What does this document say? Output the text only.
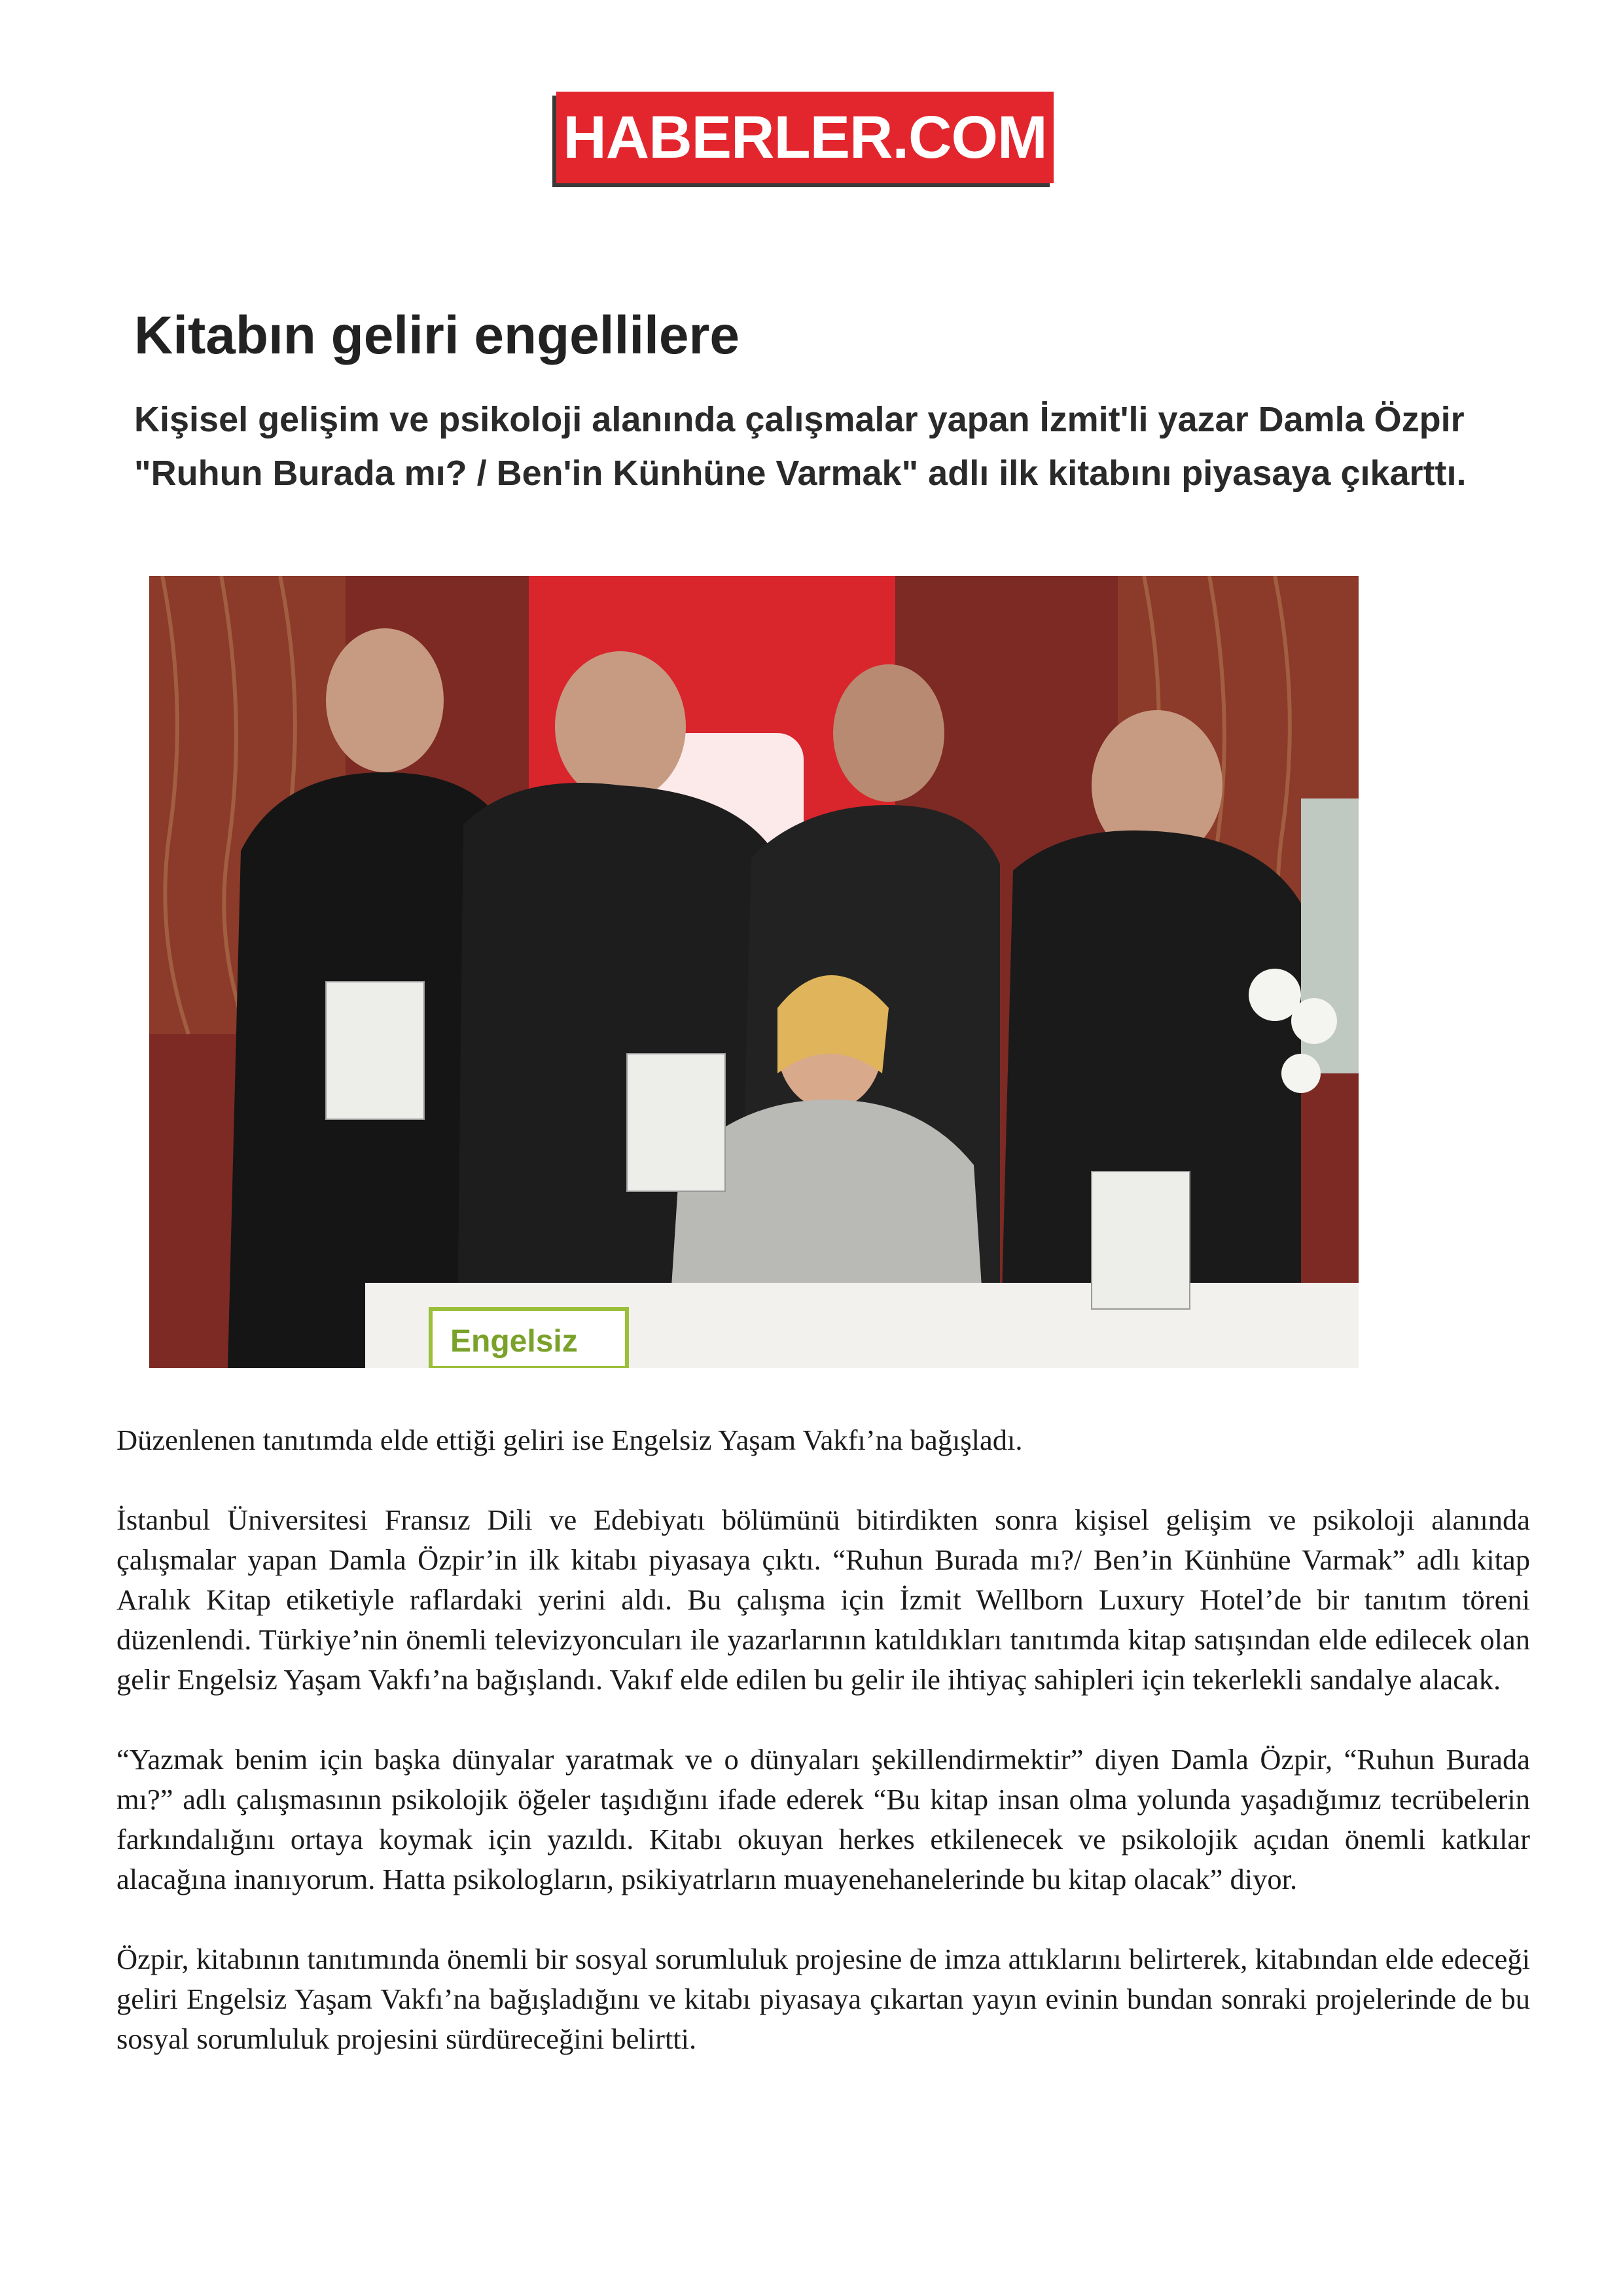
HABERLER.COM
Kitabın geliri engellilere

Kişisel gelişim ve psikoloji alanında çalışmalar yapan İzmit'li yazar Damla Özpir "Ruhun Burada mı? / Ben'in Künhüne Varmak" adlı ilk kitabını piyasaya çıkarttı.

Engelsiz

Düzenlenen tanıtımda elde ettiği geliri ise Engelsiz Yaşam Vakfı’na bağışladı.

İstanbul Üniversitesi Fransız Dili ve Edebiyatı bölümünü bitirdikten sonra kişisel gelişim ve psikoloji alanında çalışmalar yapan Damla Özpir’in ilk kitabı piyasaya çıktı. “Ruhun Burada mı?/ Ben’in Künhüne Varmak” adlı kitap Aralık Kitap etiketiyle raflardaki yerini aldı. Bu çalışma için İzmit Wellborn Luxury Hotel’de bir tanıtım töreni düzenlendi. Türkiye’nin önemli televizyoncuları ile yazarlarının katıldıkları tanıtımda kitap satışından elde edilecek olan gelir Engelsiz Yaşam Vakfı’na bağışlandı. Vakıf elde edilen bu gelir ile ihtiyaç sahipleri için tekerlekli sandalye alacak.

“Yazmak benim için başka dünyalar yaratmak ve o dünyaları şekillendirmektir” diyen Damla Özpir, “Ruhun Burada mı?” adlı çalışmasının psikolojik öğeler taşıdığını ifade ederek “Bu kitap insan olma yolunda yaşadığımız tecrübelerin farkındalığını ortaya koymak için yazıldı. Kitabı okuyan herkes etkilenecek ve psikolojik açıdan önemli katkılar alacağına inanıyorum. Hatta psikologların, psikiyatrların muayenehanelerinde bu kitap olacak” diyor.

Özpir, kitabının tanıtımında önemli bir sosyal sorumluluk projesine de imza attıklarını belirterek, kitabından elde edeceği geliri Engelsiz Yaşam Vakfı’na bağışladığını ve kitabı piyasaya çıkartan yayın evinin bundan sonraki projelerinde de bu sosyal sorumluluk projesini sürdüreceğini belirtti.
